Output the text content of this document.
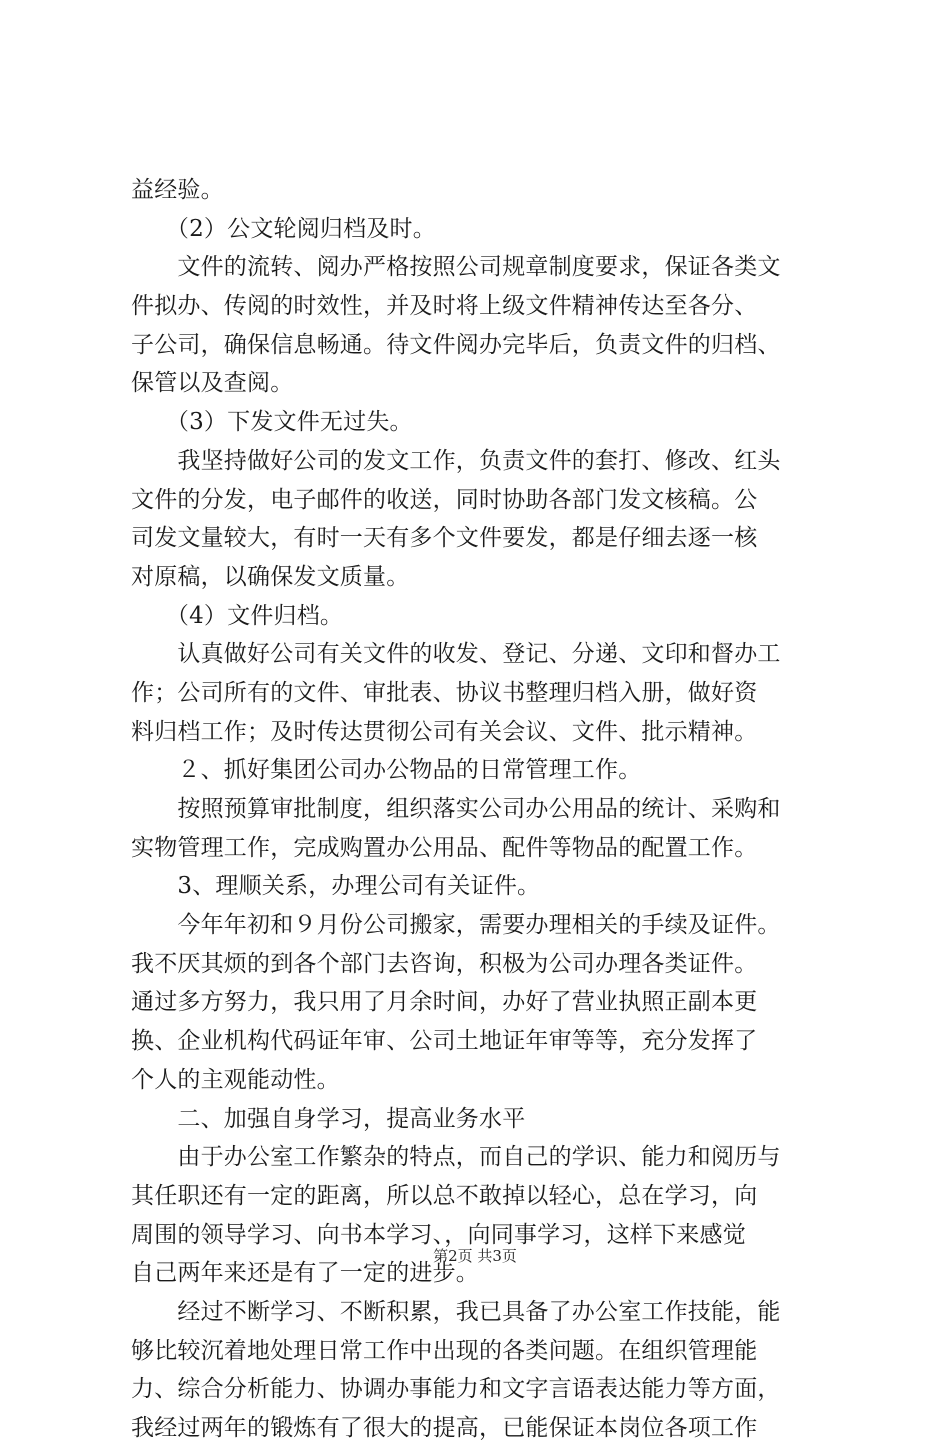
益经验。
　　（2）公文轮阅归档及时。
　　文件的流转、阅办严格按照公司规章制度要求，保证各类文
件拟办、传阅的时效性，并及时将上级文件精神传达至各分、
子公司，确保信息畅通。待文件阅办完毕后，负责文件的归档、
保管以及查阅。
　　（3）下发文件无过失。
　　我坚持做好公司的发文工作，负责文件的套打、修改、红头
文件的分发，电子邮件的收送，同时协助各部门发文核稿。公
司发文量较大，有时一天有多个文件要发，都是仔细去逐一核
对原稿，以确保发文质量。
　　（4）文件归档。
　　认真做好公司有关文件的收发、登记、分递、文印和督办工
作；公司所有的文件、审批表、协议书整理归档入册，做好资
料归档工作；及时传达贯彻公司有关会议、文件、批示精神。
　　２、抓好集团公司办公物品的日常管理工作。
　　按照预算审批制度，组织落实公司办公用品的统计、采购和
实物管理工作，完成购置办公用品、配件等物品的配置工作。
　　3、理顺关系，办理公司有关证件。
　　今年年初和９月份公司搬家，需要办理相关的手续及证件。
我不厌其烦的到各个部门去咨询，积极为公司办理各类证件。
通过多方努力，我只用了月余时间，办好了营业执照正副本更
换、企业机构代码证年审、公司土地证年审等等，充分发挥了
个人的主观能动性。
　　二、加强自身学习，提高业务水平
　　由于办公室工作繁杂的特点，而自己的学识、能力和阅历与
其任职还有一定的距离，所以总不敢掉以轻心，总在学习，向
周围的领导学习、向书本学习、，向同事学习，这样下来感觉
自己两年来还是有了一定的进步。
　　经过不断学习、不断积累，我已具备了办公室工作技能，能
够比较沉着地处理日常工作中出现的各类问题。在组织管理能
力、综合分析能力、协调办事能力和文字言语表达能力等方面，
我经过两年的锻炼有了很大的提高，已能保证本岗位各项工作
第2页 共3页
